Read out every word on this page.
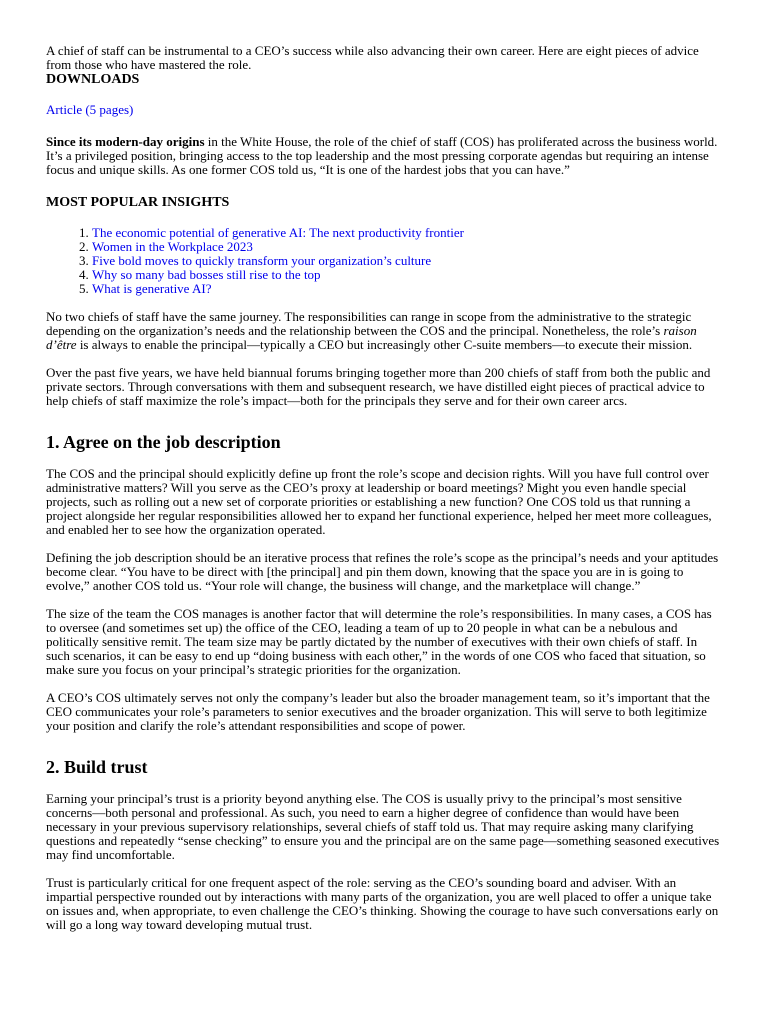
A chief of staff can be instrumental to a CEO’s success while also advancing their own career. Here are eight pieces of advice from those who have mastered the role.

DOWNLOADS
Article (5 pages)

Since its modern-day origins in the White House, the role of the chief of staff (COS) has proliferated across the business world. It’s a privileged position, bringing access to the top leadership and the most pressing corporate agendas but requiring an intense focus and unique skills. As one former COS told us, “It is one of the hardest jobs that you can have.”

MOST POPULAR INSIGHTS
1. The economic potential of generative AI: The next productivity frontier
2. Women in the Workplace 2023
3. Five bold moves to quickly transform your organization’s culture
4. Why so many bad bosses still rise to the top
5. What is generative AI?

No two chiefs of staff have the same journey. The responsibilities can range in scope from the administrative to the strategic depending on the organization’s needs and the relationship between the COS and the principal. Nonetheless, the role’s raison d’être is always to enable the principal—typically a CEO but increasingly other C-suite members—to execute their mission.

Over the past five years, we have held biannual forums bringing together more than 200 chiefs of staff from both the public and private sectors. Through conversations with them and subsequent research, we have distilled eight pieces of practical advice to help chiefs of staff maximize the role’s impact—both for the principals they serve and for their own career arcs.

1. Agree on the job description

The COS and the principal should explicitly define up front the role’s scope and decision rights. Will you have full control over administrative matters? Will you serve as the CEO’s proxy at leadership or board meetings? Might you even handle special projects, such as rolling out a new set of corporate priorities or establishing a new function? One COS told us that running a project alongside her regular responsibilities allowed her to expand her functional experience, helped her meet more colleagues, and enabled her to see how the organization operated.

Defining the job description should be an iterative process that refines the role’s scope as the principal’s needs and your aptitudes become clear. “You have to be direct with [the principal] and pin them down, knowing that the space you are in is going to evolve,” another COS told us. “Your role will change, the business will change, and the marketplace will change.”

The size of the team the COS manages is another factor that will determine the role’s responsibilities. In many cases, a COS has to oversee (and sometimes set up) the office of the CEO, leading a team of up to 20 people in what can be a nebulous and politically sensitive remit. The team size may be partly dictated by the number of executives with their own chiefs of staff. In such scenarios, it can be easy to end up “doing business with each other,” in the words of one COS who faced that situation, so make sure you focus on your principal’s strategic priorities for the organization.

A CEO’s COS ultimately serves not only the company’s leader but also the broader management team, so it’s important that the CEO communicates your role’s parameters to senior executives and the broader organization. This will serve to both legitimize your position and clarify the role’s attendant responsibilities and scope of power.

2. Build trust

Earning your principal’s trust is a priority beyond anything else. The COS is usually privy to the principal’s most sensitive concerns—both personal and professional. As such, you need to earn a higher degree of confidence than would have been necessary in your previous supervisory relationships, several chiefs of staff told us. That may require asking many clarifying questions and repeatedly “sense checking” to ensure you and the principal are on the same page—something seasoned executives may find uncomfortable.

Trust is particularly critical for one frequent aspect of the role: serving as the CEO’s sounding board and adviser. With an impartial perspective rounded out by interactions with many parts of the organization, you are well placed to offer a unique take on issues and, when appropriate, to even challenge the CEO’s thinking. Showing the courage to have such conversations early on will go a long way toward developing mutual trust.
